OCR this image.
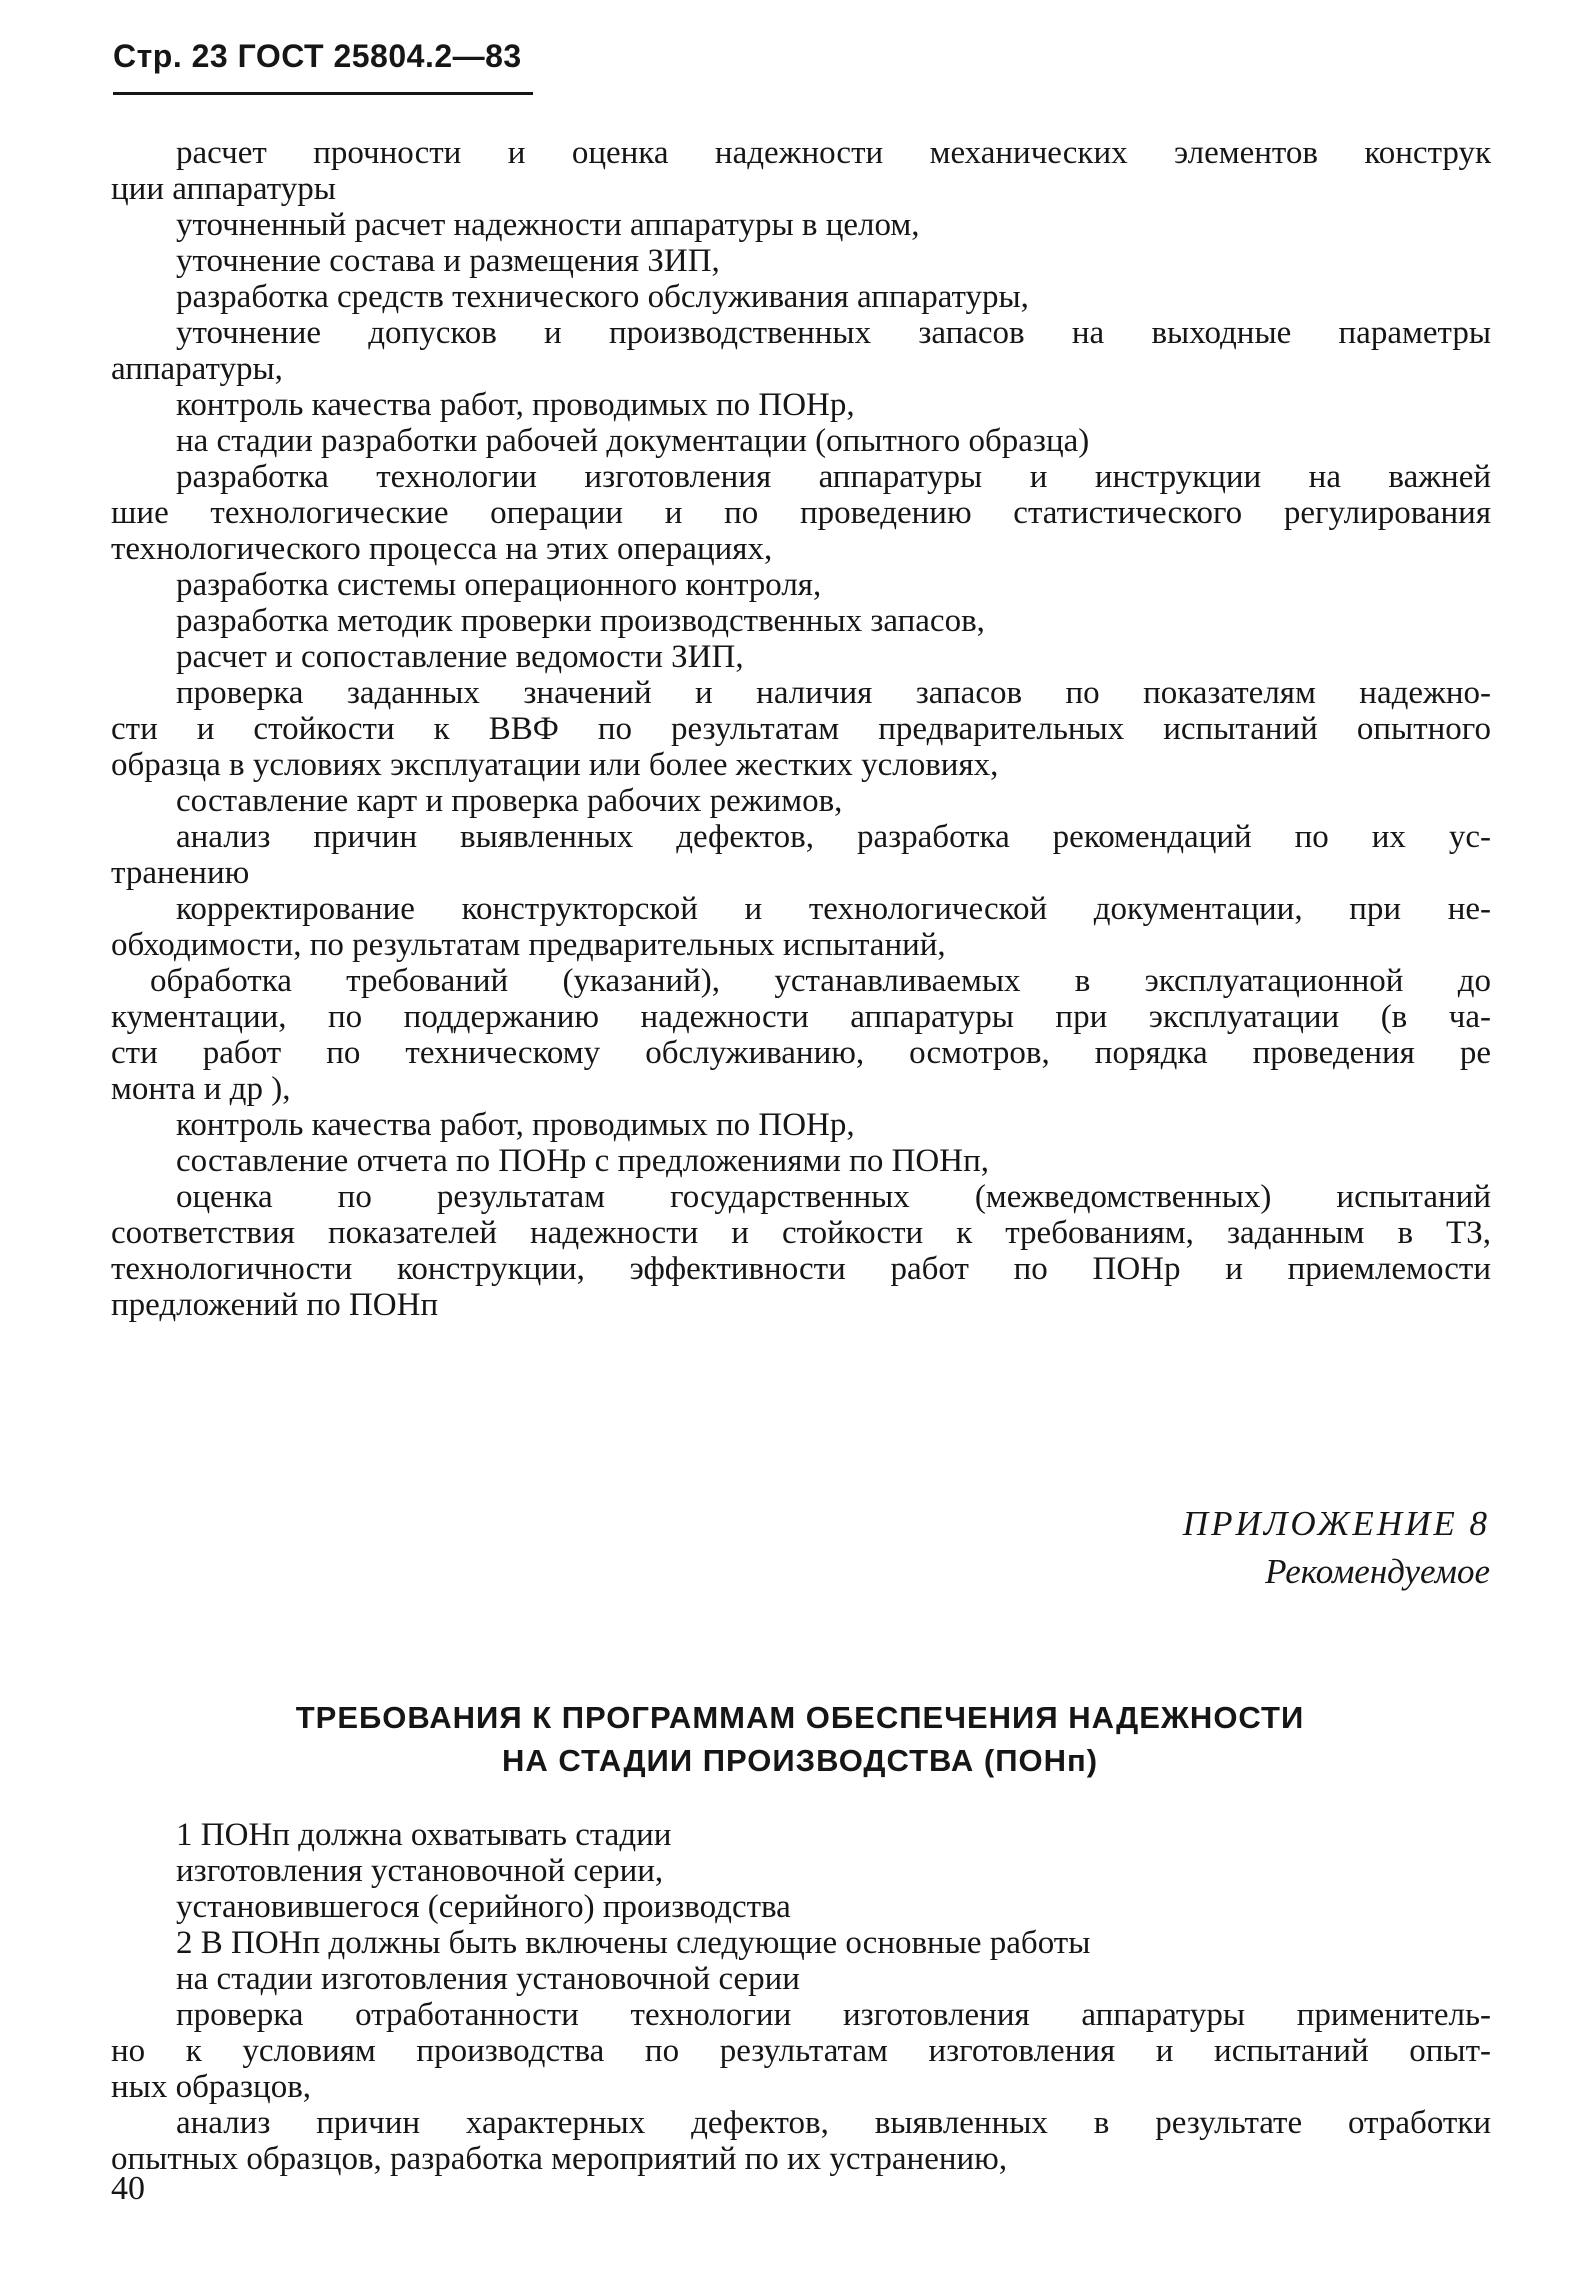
Стр. 23 ГОСТ 25804.2—83
расчет прочности и оценка надежности механических элементов конструк
ции аппаратуры
уточненный расчет надежности аппаратуры в целом,
уточнение состава и размещения ЗИП,
разработка средств технического обслуживания аппаратуры,
уточнение допусков и производственных запасов на выходные параметры
аппаратуры,
контроль качества работ, проводимых по ПОНр,
на стадии разработки рабочей документации (опытного образца)
разработка технологии изготовления аппаратуры и инструкции на важней
шие технологические операции и по проведению статистического регулирования
технологического процесса на этих операциях,
разработка системы операционного контроля,
разработка методик проверки производственных запасов,
расчет и сопоставление ведомости ЗИП,
проверка заданных значений и наличия запасов по показателям надежно-
сти и стойкости к ВВФ по результатам предварительных испытаний опытного
образца в условиях эксплуатации или более жестких условиях,
составление карт и проверка рабочих режимов,
анализ причин выявленных дефектов, разработка рекомендаций по их ус-
транению
корректирование конструкторской и технологической документации, при не-
обходимости, по результатам предварительных испытаний,
обработка требований (указаний), устанавливаемых в эксплуатационной до
кументации, по поддержанию надежности аппаратуры при эксплуатации (в ча-
сти работ по техническому обслуживанию, осмотров, порядка проведения ре
монта и др ),
контроль качества работ, проводимых по ПОНр,
составление отчета по ПОНр с предложениями по ПОНп,
оценка по результатам государственных (межведомственных) испытаний
соответствия показателей надежности и стойкости к требованиям, заданным в ТЗ,
технологичности конструкции, эффективности работ по ПОНр и приемлемости
предложений по ПОНп
ПРИЛОЖЕНИЕ 8
Рекомендуемое
ТРЕБОВАНИЯ К ПРОГРАММАМ ОБЕСПЕЧЕНИЯ НАДЕЖНОСТИ
НА СТАДИИ ПРОИЗВОДСТВА (ПОНп)
1 ПОНп должна охватывать стадии
изготовления установочной серии,
установившегося (серийного) производства
2 В ПОНп должны быть включены следующие основные работы
на стадии изготовления установочной серии
проверка отработанности технологии изготовления аппаратуры применитель-
но к условиям производства по результатам изготовления и испытаний опыт-
ных образцов,
анализ причин характерных дефектов, выявленных в результате отработки
опытных образцов, разработка мероприятий по их устранению,
40
